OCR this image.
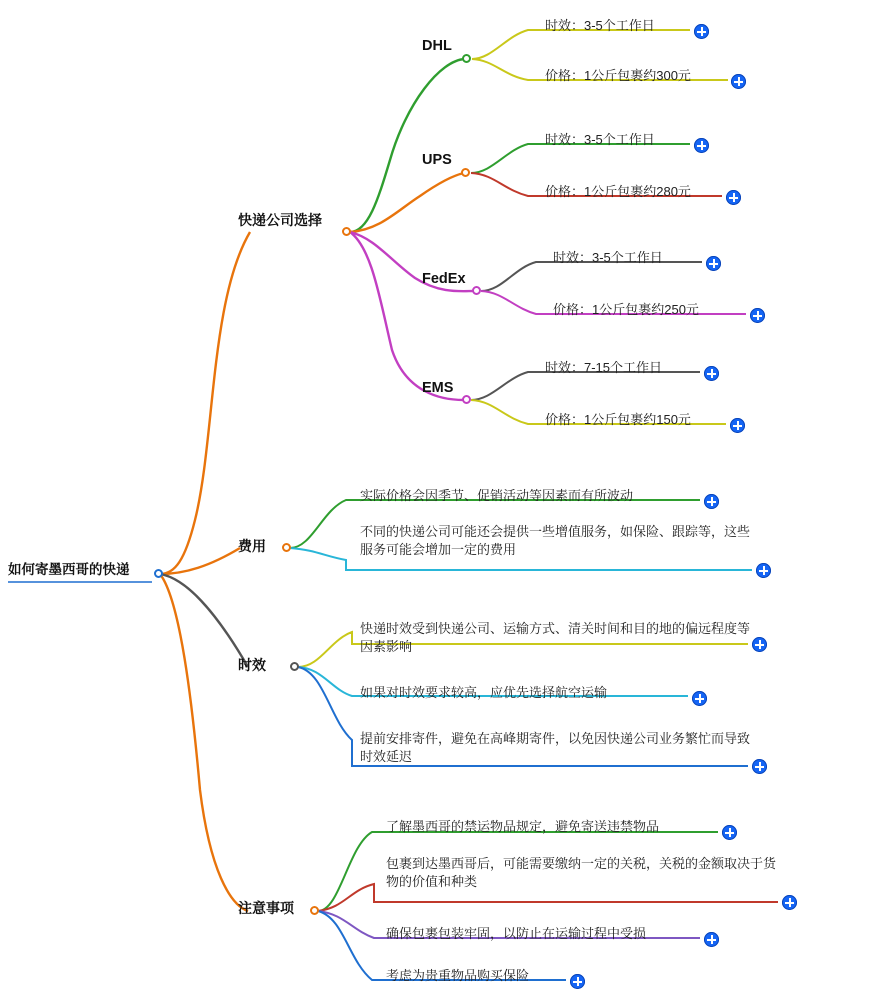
如何寄墨西哥的快递
快递公司选择
费用
时效
注意事项
DHL
UPS
FedEx
EMS
时效：3-5个工作日
价格：1公斤包裹约300元
时效：3-5个工作日
价格：1公斤包裹约280元
时效：3-5个工作日
价格：1公斤包裹约250元
时效：7-15个工作日
价格：1公斤包裹约150元
实际价格会因季节、促销活动等因素而有所波动
不同的快递公司可能还会提供一些增值服务，如保险、跟踪等，这些服务可能会增加一定的费用
快递时效受到快递公司、运输方式、清关时间和目的地的偏远程度等因素影响
如果对时效要求较高，应优先选择航空运输
提前安排寄件，避免在高峰期寄件，以免因快递公司业务繁忙而导致时效延迟
了解墨西哥的禁运物品规定，避免寄送违禁物品
包裹到达墨西哥后，可能需要缴纳一定的关税，关税的金额取决于货物的价值和种类
确保包裹包装牢固，以防止在运输过程中受损
考虑为贵重物品购买保险
